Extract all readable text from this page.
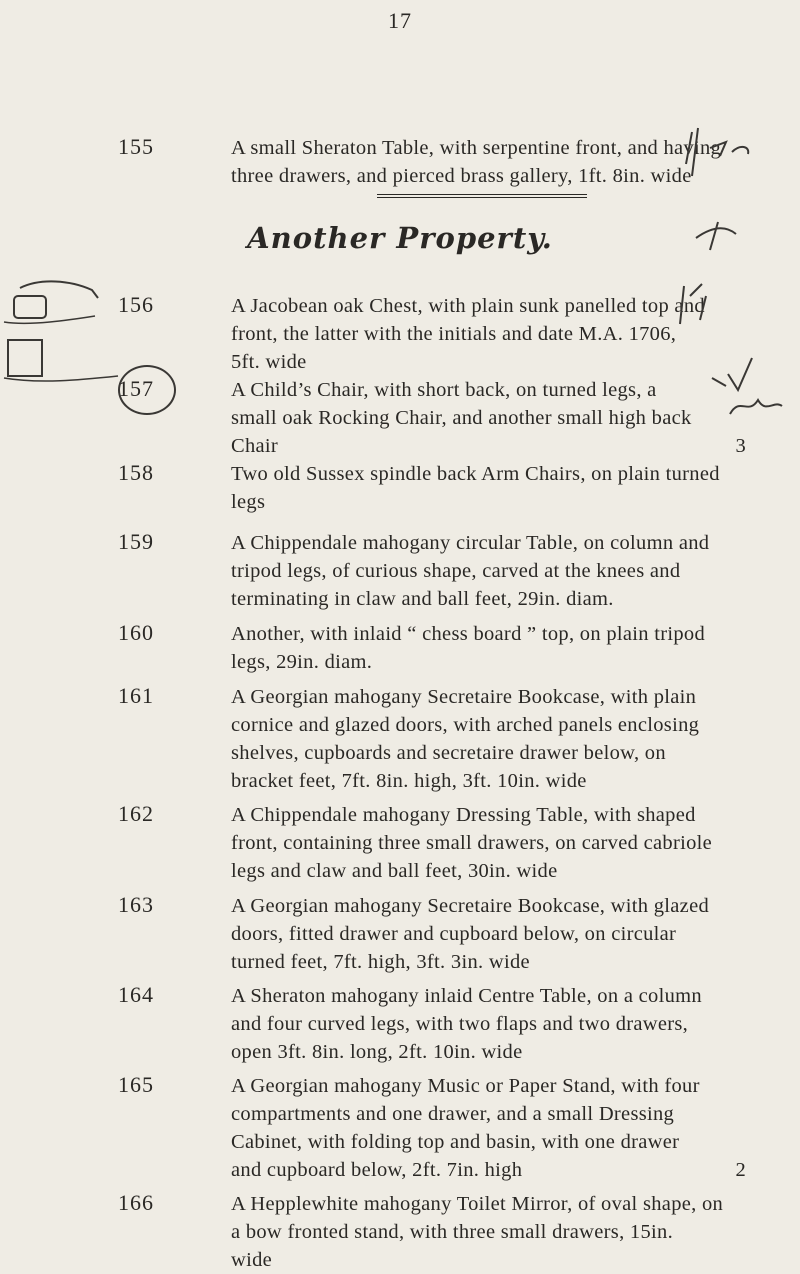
17
155	A small Sheraton Table, with serpentine front, and having
three drawers, and pierced brass gallery, 1ft. 8in. wide
Another Property.
156	A Jacobean oak Chest, with plain sunk panelled top and
front, the latter with the initials and date M.A. 1706,
5ft. wide
157	A Child’s Chair, with short back, on turned legs, a
small oak Rocking Chair, and another small high back
Chair	3
158	Two old Sussex spindle back Arm Chairs, on plain turned
legs
159	A Chippendale mahogany circular Table, on column and
tripod legs, of curious shape, carved at the knees and
terminating in claw and ball feet, 29in. diam.
160	Another, with inlaid “ chess board ” top, on plain tripod
legs, 29in. diam.
161	A Georgian mahogany Secretaire Bookcase, with plain
cornice and glazed doors, with arched panels enclosing
shelves, cupboards and secretaire drawer below, on
bracket feet, 7ft. 8in. high, 3ft. 10in. wide
162	A Chippendale mahogany Dressing Table, with shaped
front, containing three small drawers, on carved cabriole
legs and claw and ball feet, 30in. wide
163	A Georgian mahogany Secretaire Bookcase, with glazed
doors, fitted drawer and cupboard below, on circular
turned feet, 7ft. high, 3ft. 3in. wide
164	A Sheraton mahogany inlaid Centre Table, on a column
and four curved legs, with two flaps and two drawers,
open 3ft. 8in. long, 2ft. 10in. wide
165	A Georgian mahogany Music or Paper Stand, with four
compartments and one drawer, and a small Dressing
Cabinet, with folding top and basin, with one drawer
and cupboard below, 2ft. 7in. high	2
166	A Hepplewhite mahogany Toilet Mirror, of oval shape, on
a bow fronted stand, with three small drawers, 15in.
wide
